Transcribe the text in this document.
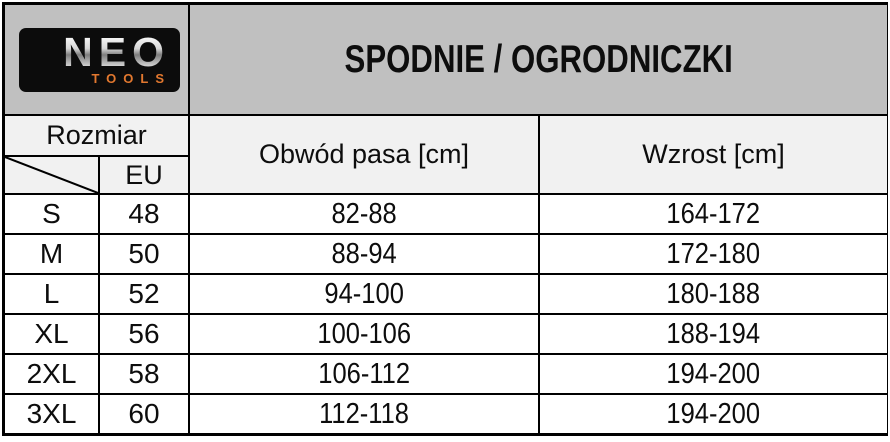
NEO
TOOLS	SPODNIE / OGRODNICZKI
Rozmiar
Obwód pasa [cm]	Wzrost [cm]
EU
S 48	82-88	164-172
M 50	88-94	172-180
L 52	94-100	180-188
XL 56	100-106	188-194
2XL 58	106-112	194-200
3XL 60	112-118	194-200
